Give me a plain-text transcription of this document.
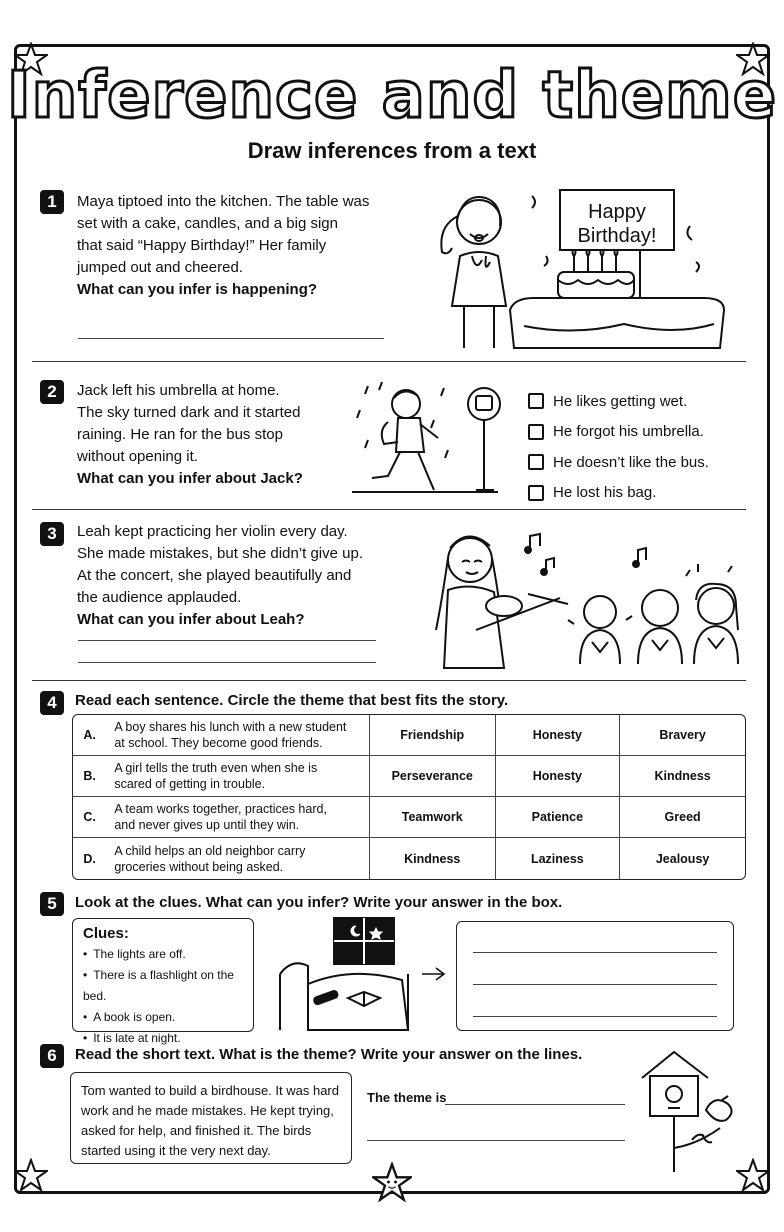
Inference and theme
Draw inferences from a text
1	Maya tiptoed into the kitchen. The table was
set with a cake, candles, and a big sign
that said “Happy Birthday!” Her family
jumped out and cheered.
What can you infer is happening?
Happy
Birthday!
2	Jack left his umbrella at home.
The sky turned dark and it started
raining. He ran for the bus stop
without opening it.
What can you infer about Jack?
He likes getting wet.
He forgot his umbrella.
He doesn’t like the bus.
He lost his bag.
3	Leah kept practicing her violin every day.
She made mistakes, but she didn’t give up.
At the concert, she played beautifully and
the audience applauded.
What can you infer about Leah?
4	Read each sentence. Circle the theme that best fits the story.
A.	A boy shares his lunch with a new student
at school. They become good friends.	Friendship	Honesty	Bravery
B.	A girl tells the truth even when she is
scared of getting in trouble.	Perseverance	Honesty	Kindness
C.	A team works together, practices hard,
and never gives up until they win.	Teamwork	Patience	Greed
D.	A child helps an old neighbor carry
groceries without being asked.	Kindness	Laziness	Jealousy
5	Look at the clues. What can you infer? Write your answer in the box.
Clues:
• The lights are off.
• There is a flashlight on the bed.
• A book is open.
• It is late at night.
6	Read the short text. What is the theme? Write your answer on the lines.
Tom wanted to build a birdhouse. It was hard
work and he made mistakes. He kept trying,
asked for help, and finished it. The birds
started using it the very next day.
The theme is
